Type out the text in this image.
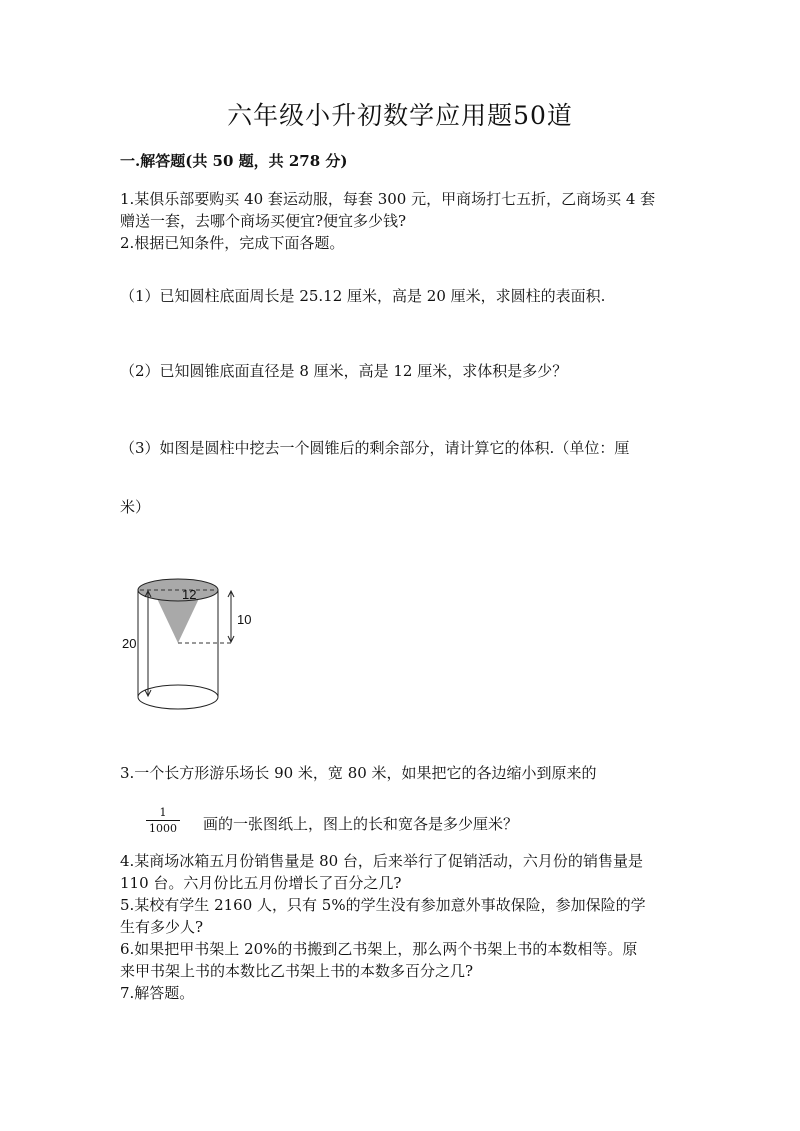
六年级小升初数学应用题50道
一.解答题(共 50 题，共 278 分)
1.某俱乐部要购买 40 套运动服，每套 300 元，甲商场打七五折，乙商场买 4 套
赠送一套，去哪个商场买便宜?便宜多少钱?
2.根据已知条件，完成下面各题。
（1）已知圆柱底面周长是 25.12 厘米，高是 20 厘米，求圆柱的表面积.
（2）已知圆锥底面直径是 8 厘米，高是 12 厘米，求体积是多少？
（3）如图是圆柱中挖去一个圆锥后的剩余部分，请计算它的体积.（单位：厘
米）
12
10
20
3.一个长方形游乐场长 90 米，宽 80 米，如果把它的各边缩小到原来的
$\frac{1}{1000}$ 画的一张图纸上，图上的长和宽各是多少厘米？
4.某商场冰箱五月份销售量是 80 台，后来举行了促销活动，六月份的销售量是
110 台。六月份比五月份增长了百分之几?
5.某校有学生 2160 人，只有 5%的学生没有参加意外事故保险，参加保险的学
生有多少人?
6.如果把甲书架上 20%的书搬到乙书架上，那么两个书架上书的本数相等。原
来甲书架上书的本数比乙书架上书的本数多百分之几?
7.解答题。
